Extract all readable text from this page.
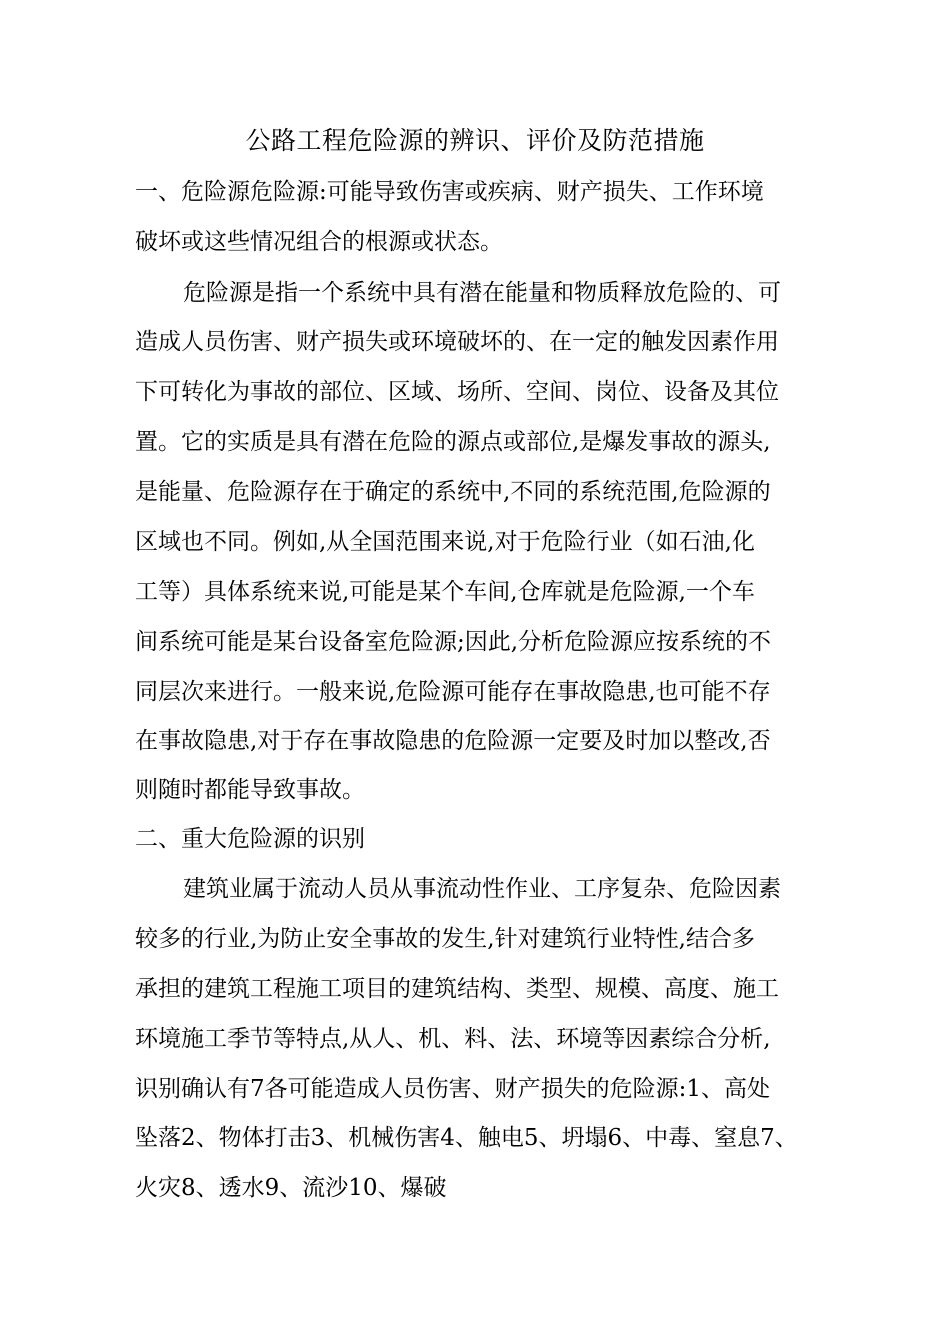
公路工程危险源的辨识、评价及防范措施
一、危险源危险源:可能导致伤害或疾病、财产损失、工作环境
破坏或这些情况组合的根源或状态。
危险源是指一个系统中具有潜在能量和物质释放危险的、可
造成人员伤害、财产损失或环境破坏的、在一定的触发因素作用
下可转化为事故的部位、区域、场所、空间、岗位、设备及其位
置。它的实质是具有潜在危险的源点或部位,是爆发事故的源头,
是能量、危险源存在于确定的系统中,不同的系统范围,危险源的
区域也不同。例如,从全国范围来说,对于危险行业（如石油,化
工等）具体系统来说,可能是某个车间,仓库就是危险源,一个车
间系统可能是某台设备室危险源;因此,分析危险源应按系统的不
同层次来进行。一般来说,危险源可能存在事故隐患,也可能不存
在事故隐患,对于存在事故隐患的危险源一定要及时加以整改,否
则随时都能导致事故。
二、重大危险源的识别
建筑业属于流动人员从事流动性作业、工序复杂、危险因素
较多的行业,为防止安全事故的发生,针对建筑行业特性,结合多
承担的建筑工程施工项目的建筑结构、类型、规模、高度、施工
环境施工季节等特点,从人、机、料、法、环境等因素综合分析,
识别确认有7各可能造成人员伤害、财产损失的危险源:1、高处
坠落2、物体打击3、机械伤害4、触电5、坍塌6、中毒、窒息7、
火灾8、透水9、流沙10、爆破
